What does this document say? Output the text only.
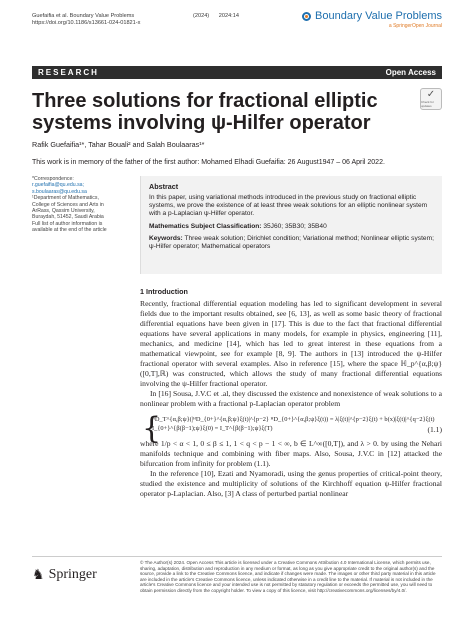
Guefaifia et al. Boundary Value Problems
https://doi.org/10.1186/s13661-024-01821-x
(2024) 2024:14	Boundary Value Problems
a SpringerOpen Journal
RESEARCH	Open Access
Three solutions for fractional elliptic systems involving ψ-Hilfer operator
✓
Check for updates
Rafik Guefaifia¹*, Tahar Bouali² and Salah Boulaaras¹*
This work is in memory of the father of the first author: Mohamed Elhadi Guefaifia: 26 August1947 – 06 April 2022.
*Correspondence:
r.guefaifia@qu.edu.sa;
s.boulaaras@qu.edu.sa
¹Department of Mathematics, College of Sciences and Arts in ArRass, Qassim University, Buraydah, 51452, Saudi Arabia
Full list of author information is available at the end of the article
Abstract

In this paper, using variational methods introduced in the previous study on fractional elliptic systems, we prove the existence of at least three weak solutions for an elliptic nonlinear system with a p-Laplacian ψ-Hilfer operator.

Mathematics Subject Classification: 35J60; 35B30; 35B40

Keywords: Three weak solution; Dirichlet condition; Variational method; Nonlinear elliptic system; ψ-Hilfer operator; Mathematical operators

1 Introduction

Recently, fractional differential equation modeling has led to significant development in several fields due to the important results obtained, see [6, 13], as well as some basic theory of fractional differential equations have been given in [17]. This is due to the fact that fractional differential equations have several applications in many models, for example in physics, engineering [11], mechanics, and medicine [14], which has led to great interest in these equations from a mathematical viewpoint, see for example [8, 9]. The authors in [13] introduced the ψ-Hilfer fractional operator with several examples. Also in reference [15], where the space ℍ_p^{α,β;ψ}([0,T],ℝ) was constructed, which allows the study of many fractional differential equations involving the ψ-Hilfer fractional operator.

In [16] Sousa, J.V.C et .al, they discussed the existence and nonexistence of weak solutions to a nonlinear problem with a fractional p-Laplacian operator problem

{
ᴴD_T^{α,β;ψ}(|ᴴD_{0+}^{α,β;ψ}ξ(t)|^{p−2} ᴴD_{0+}^{α,β;ψ}ξ(t)) = λ|ξ(t)|^{p−2}ξ(t) + b(x)|ξ(t)|^{q−2}ξ(t)
I_{0+}^{β(β−1);ψ}ξ(0) = I_T^{β(β−1);ψ}ξ(T)	(1.1)

where 1/p < α < 1, 0 ≤ β ≤ 1, 1 < q < p − 1 < ∞, b ∈ L^∞([0,T]), and λ > 0. by using the Nehari manifolds technique and combining with fiber maps. Also, Sousa, J.V.C in [12] attacked the bifurcation from infinity for problem (1.1).

In the reference [10], Ezati and Nyamoradi, using the genus properties of critical-point theory, studied the existence and multiplicity of solutions of the Kirchhoff equation ψ-Hilfer fractional operator p-Laplacian. Also, [3] A class of perturbed partial nonlinear

© The Author(s) 2024. Open Access This article is licensed under a Creative Commons Attribution 4.0 International License, which permits use, sharing, adaptation, distribution and reproduction in any medium or format, as long as you give appropriate credit to the original author(s) and the source, provide a link to the Creative Commons licence, and indicate if changes were made. The images or other third party material in this article are included in the article's Creative Commons licence, unless indicated otherwise in a credit line to the material. If material is not included in the article's Creative Commons licence and your intended use is not permitted by statutory regulation or exceeds the permitted use, you will need to obtain permission directly from the copyright holder. To view a copy of this licence, visit http://creativecommons.org/licenses/by/4.0/.
♞ Springer
